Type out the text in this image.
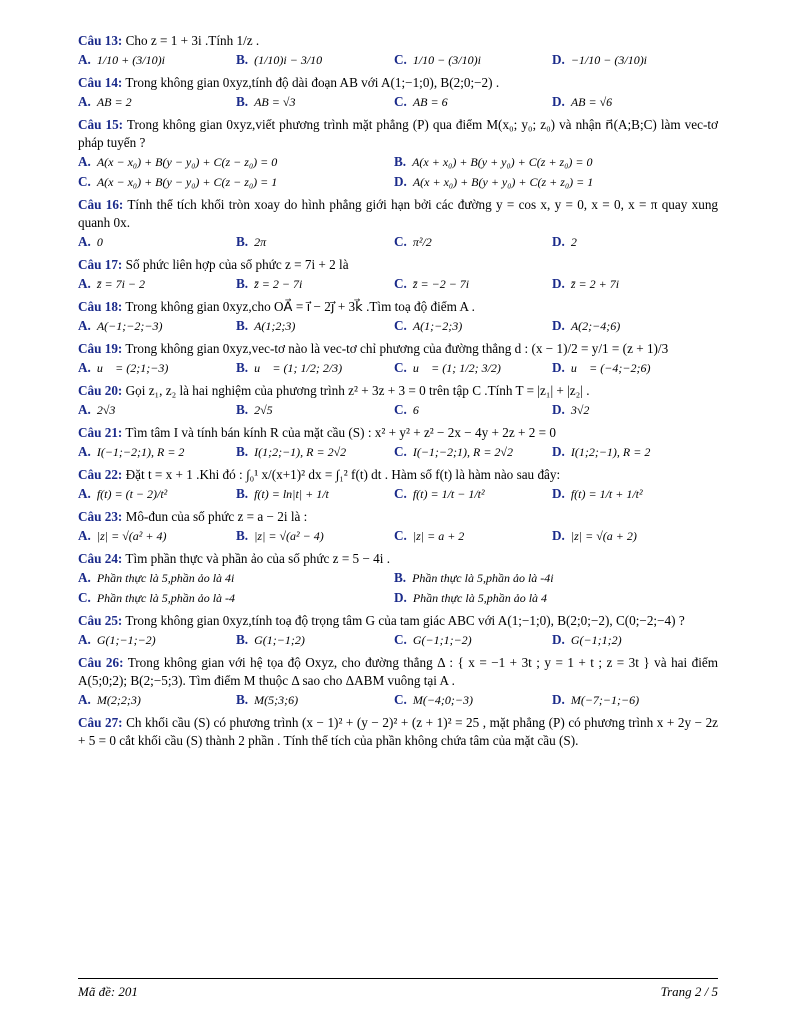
Câu 13: Cho z = 1 + 3i .Tính 1/z .
A. 1/10 + (3/10)i	B. (1/10)i − 3/10	C. 1/10 − (3/10)i	D. −1/10 − (3/10)i
Câu 14: Trong không gian 0xyz,tính độ dài đoạn AB với A(1;−1;0), B(2;0;−2) .
A. AB = 2	B. AB = √3	C. AB = 6	D. AB = √6
Câu 15: Trong không gian 0xyz,viết phương trình mặt phẳng (P) qua điểm M(x₀; y₀; z₀) và nhận n⃗(A;B;C) làm vec-tơ pháp tuyến ?
A. A(x − x₀) + B(y − y₀) + C(z − z₀) = 0	B. A(x + x₀) + B(y + y₀) + C(z + z₀) = 0
C. A(x − x₀) + B(y − y₀) + C(z − z₀) = 1	D. A(x + x₀) + B(y + y₀) + C(z + z₀) = 1
Câu 16: Tính thể tích khối tròn xoay do hình phẳng giới hạn bởi các đường y = cos x, y = 0, x = 0, x = π quay xung quanh 0x.
A. 0	B. 2π	C. π²/2	D. 2
Câu 17: Số phức liên hợp của số phức z = 7i + 2 là
A. z̄ = 7i − 2	B. z̄ = 2 − 7i	C. z̄ = −2 − 7i	D. z̄ = 2 + 7i
Câu 18: Trong không gian 0xyz,cho OA⃗ = i⃗ − 2j⃗ + 3k⃗ .Tìm toạ độ điểm A .
A. A(−1;−2;−3)	B. A(1;2;3)	C. A(1;−2;3)	D. A(2;−4;6)
Câu 19: Trong không gian 0xyz,vec-tơ nào là vec-tơ chỉ phương của đường thẳng d : (x − 1)/2 = y/1 = (z + 1)/3
A. u⃗ = (2;1;−3)	B. u⃗ = (1; 1/2; 2/3)	C. u⃗ = (1; 1/2; 3/2)	D. u⃗ = (−4;−2;6)
Câu 20: Gọi z₁, z₂ là hai nghiệm của phương trình z² + 3z + 3 = 0 trên tập C .Tính T = |z₁| + |z₂| .
A. 2√3	B. 2√5	C. 6	D. 3√2
Câu 21: Tìm tâm I và tính bán kính R của mặt cầu (S) : x² + y² + z² − 2x − 4y + 2z + 2 = 0
A. I(−1;−2;1), R = 2	B. I(1;2;−1), R = 2√2	C. I(−1;−2;1), R = 2√2	D. I(1;2;−1), R = 2
Câu 22: Đặt t = x + 1 .Khi đó : ∫₀¹ x/(x+1)² dx = ∫₁² f(t) dt . Hàm số f(t) là hàm nào sau đây:
A. f(t) = (t − 2)/t²	B. f(t) = ln|t| + 1/t	C. f(t) = 1/t − 1/t²	D. f(t) = 1/t + 1/t²
Câu 23: Mô-đun của số phức z = a − 2i là :
A. |z| = √(a² + 4)	B. |z| = √(a² − 4)	C. |z| = a + 2	D. |z| = √(a + 2)
Câu 24: Tìm phần thực và phần ảo của số phức z = 5 − 4i .
A. Phần thực là 5,phần ảo là 4i	B. Phần thực là 5,phần ảo là -4i
C. Phần thực là 5,phần ảo là -4	D. Phần thực là 5,phần ảo là 4
Câu 25: Trong không gian 0xyz,tính toạ độ trọng tâm G của tam giác ABC với A(1;−1;0), B(2;0;−2), C(0;−2;−4) ?
A. G(1;−1;−2)	B. G(1;−1;2)	C. G(−1;1;−2)	D. G(−1;1;2)
Câu 26: Trong không gian với hệ tọa độ Oxyz, cho đường thẳng Δ : { x = −1 + 3t ; y = 1 + t ; z = 3t } và hai điểm A(5;0;2); B(2;−5;3). Tìm điểm M thuộc Δ sao cho ΔABM vuông tại A .
A. M(2;2;3)	B. M(5;3;6)	C. M(−4;0;−3)	D. M(−7;−1;−6)
Câu 27: Ch khối cầu (S) có phương trình (x − 1)² + (y − 2)² + (z + 1)² = 25 , mặt phẳng (P) có phương trình x + 2y − 2z + 5 = 0 cắt khối cầu (S) thành 2 phần . Tính thể tích của phần không chứa tâm của mặt cầu (S).
Mã đề: 201	Trang 2 / 5
